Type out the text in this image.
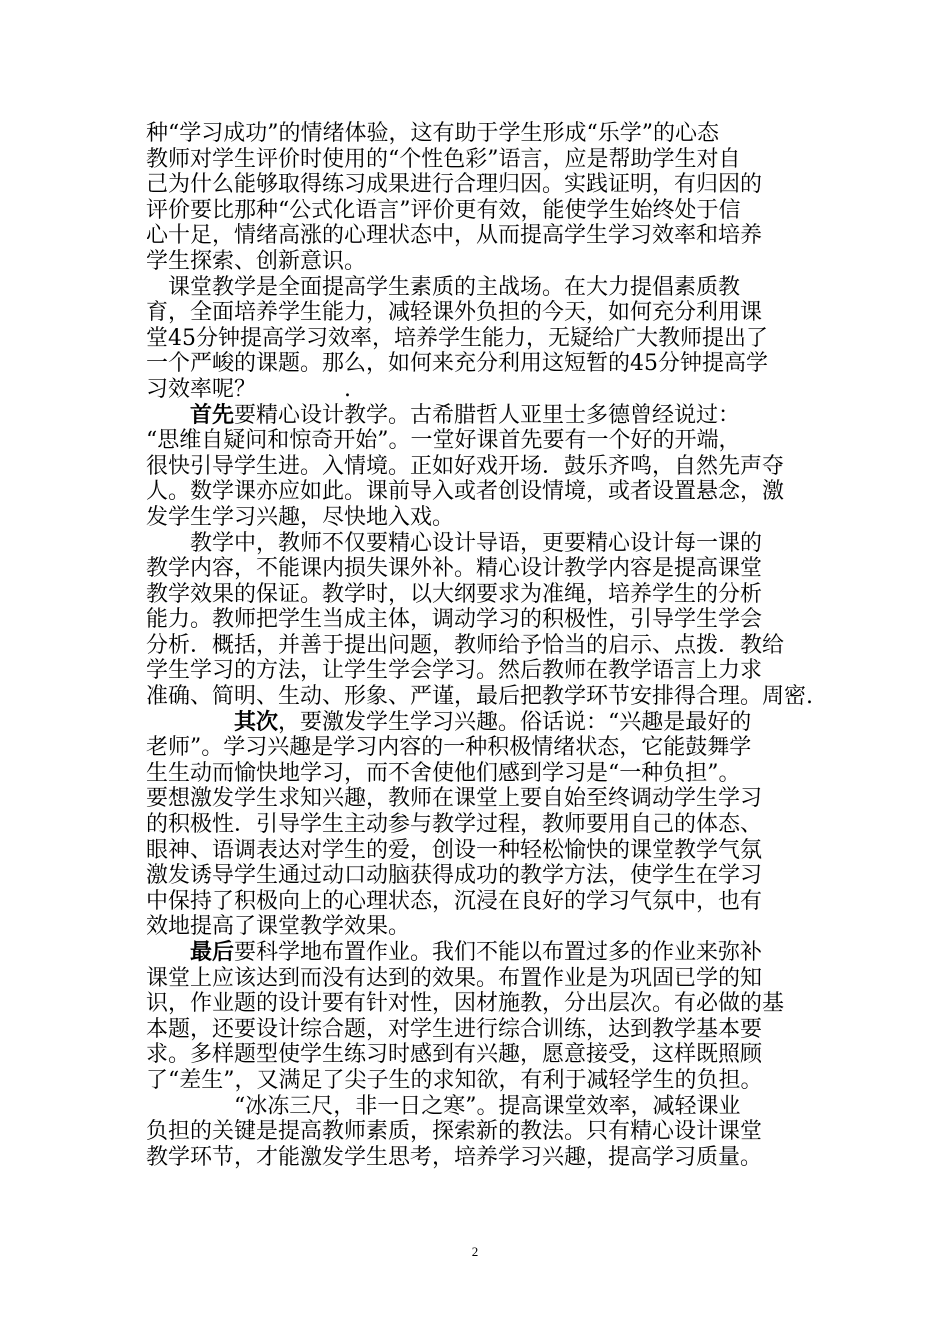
种“学习成功”的情绪体验，这有助于学生形成“乐学”的心态
教师对学生评价时使用的“个性色彩”语言，应是帮助学生对自
己为什么能够取得练习成果进行合理归因。实践证明，有归因的
评价要比那种“公式化语言”评价更有效，能使学生始终处于信
心十足，情绪高涨的心理状态中，从而提高学生学习效率和培养
学生探索、创新意识。
　课堂教学是全面提高学生素质的主战场。在大力提倡素质教
育，全面培养学生能力，减轻课外负担的今天，如何充分利用课
堂45分钟提高学习效率，培养学生能力，无疑给广大教师提出了
一个严峻的课题。那么，如何来充分利用这短暂的45分钟提高学
习效率呢？　　　　.
　　首先要精心设计教学。古希腊哲人亚里士多德曾经说过：
“思维自疑问和惊奇开始”。一堂好课首先要有一个好的开端，
很快引导学生进。入情境。正如好戏开场．鼓乐齐鸣，自然先声夺
人。数学课亦应如此。课前导入或者创设情境，或者设置悬念，激
发学生学习兴趣，尽快地入戏。
　　教学中，教师不仅要精心设计导语，更要精心设计每一课的
教学内容，不能课内损失课外补。精心设计教学内容是提高课堂
教学效果的保证。教学时，以大纲要求为准绳，培养学生的分析
能力。教师把学生当成主体，调动学习的积极性，引导学生学会
分析．概括，并善于提出问题，教师给予恰当的启示、点拨．教给
学生学习的方法，让学生学会学习。然后教师在教学语言上力求
准确、简明、生动、形象、严谨，最后把教学环节安排得合理。周密.
　　　　其次，要激发学生学习兴趣。俗话说：“兴趣是最好的
老师”。学习兴趣是学习内容的一种积极情绪状态，它能鼓舞学
生生动而愉快地学习，而不舍使他们感到学习是“一种负担”。
要想激发学生求知兴趣，教师在课堂上要自始至终调动学生学习
的积极性．引导学生主动参与教学过程，教师要用自己的体态、
眼神、语调表达对学生的爱，创设一种轻松愉快的课堂教学气氛
激发诱导学生通过动口动脑获得成功的教学方法，使学生在学习
中保持了积极向上的心理状态，沉浸在良好的学习气氛中，也有
效地提高了课堂教学效果。
　　最后要科学地布置作业。我们不能以布置过多的作业来弥补
课堂上应该达到而没有达到的效果。布置作业是为巩固已学的知
识，作业题的设计要有针对性，因材施教，分出层次。有必做的基
本题，还要设计综合题，对学生进行综合训练，达到教学基本要
求。多样题型使学生练习时感到有兴趣，愿意接受，这样既照顾
了“差生”，又满足了尖子生的求知欲，有利于减轻学生的负担。
　　　　“冰冻三尺，非一日之寒”。提高课堂效率，减轻课业
负担的关键是提高教师素质，探索新的教法。只有精心设计课堂
教学环节，才能激发学生思考，培养学习兴趣，提高学习质量。
2
